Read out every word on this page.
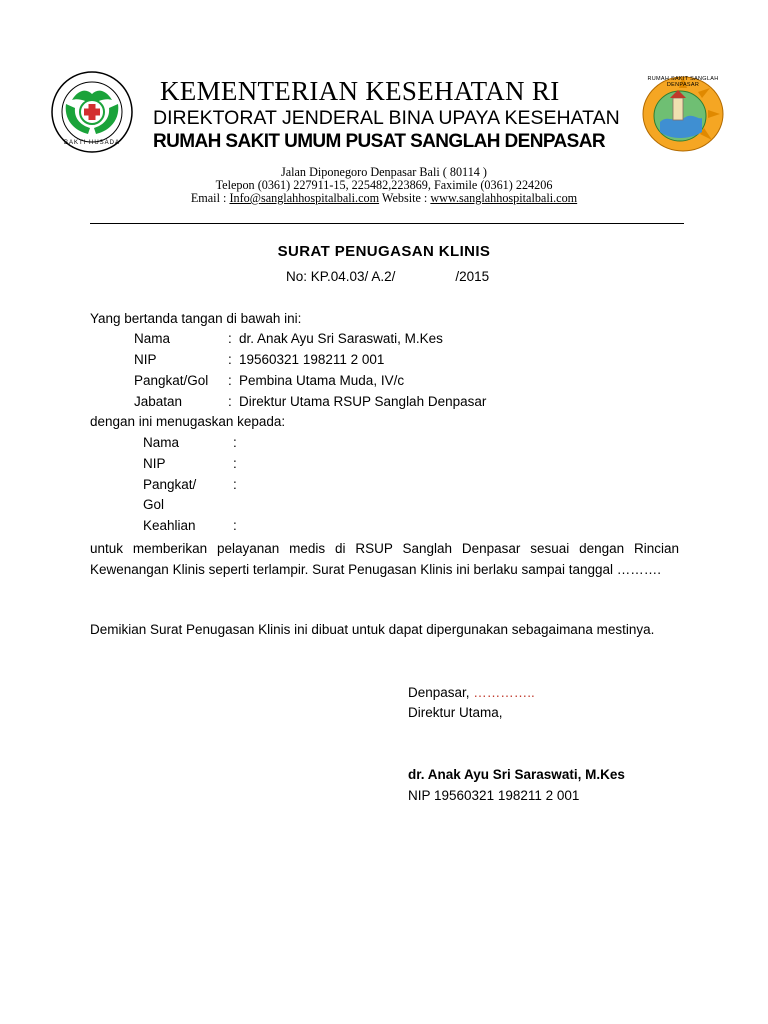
BAKTI HUSADA
KEMENTERIAN KESEHATAN RI
DIREKTORAT JENDERAL BINA UPAYA KESEHATAN
RUMAH SAKIT UMUM PUSAT SANGLAH DENPASAR
RUMAH SAKIT SANGLAH DENPASAR
Jalan Diponegoro Denpasar Bali ( 80114 )
Telepon (0361) 227911-15, 225482,223869, Faximile (0361) 224206
Email : Info@sanglahhospitalbali.com Website : www.sanglahhospitalbali.com
SURAT PENUGASAN KLINIS
No: KP.04.03/ A.2/	/2015
Yang bertanda tangan di bawah ini:
Nama	: dr. Anak Ayu Sri Saraswati, M.Kes
NIP	: 19560321 198211 2 001
Pangkat/Gol : Pembina Utama Muda, IV/c
Jabatan	: Direktur Utama RSUP Sanglah Denpasar
dengan ini menugaskan kepada:
Nama	:
NIP	:
Pangkat/	:
Gol
Keahlian	:
untuk memberikan pelayanan medis di RSUP Sanglah Denpasar sesuai dengan Rincian Kewenangan Klinis seperti terlampir. Surat Penugasan Klinis ini berlaku sampai tanggal ……….
Demikian Surat Penugasan Klinis ini dibuat untuk dapat dipergunakan sebagaimana mestinya.
Denpasar, …………..
Direktur Utama,
dr. Anak Ayu Sri Saraswati, M.Kes
NIP 19560321 198211 2 001
